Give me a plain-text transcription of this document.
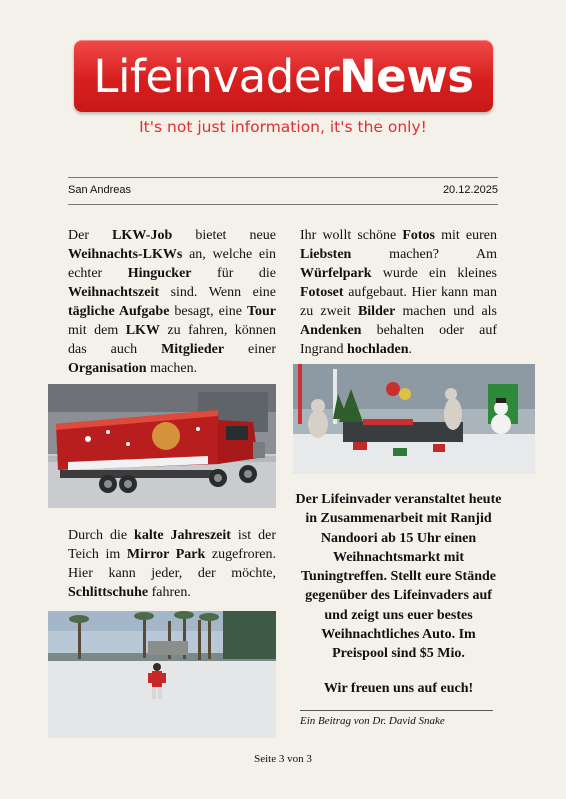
LifeinvaderNews
It's not just information, it's the only!
San Andreas	20.12.2025

Der LKW-Job bietet neue Weihnachts-LKWs an, welche ein echter Hingucker für die Weihnachtszeit sind. Wenn eine tägliche Aufgabe besagt, eine Tour mit dem LKW zu fahren, können das auch Mitglieder einer Organisation machen.

Durch die kalte Jahreszeit ist der Teich im Mirror Park zugefroren. Hier kann jeder, der möchte, Schlittschuhe fahren.

Ihr wollt schöne Fotos mit euren Liebsten machen? Am Würfelpark wurde ein kleines Fotoset aufgebaut. Hier kann man zu zweit Bilder machen und als Andenken behalten oder auf Ingrand hochladen.

Der Lifeinvader veranstaltet heute in Zusammenarbeit mit Ranjid Nandoori ab 15 Uhr einen Weihnachtsmarkt mit Tuningtreffen. Stellt eure Stände gegenüber des Lifeinvaders auf und zeigt uns euer bestes Weihnachtliches Auto. Im Preispool sind $5 Mio.

Wir freuen uns auf euch!

Ein Beitrag von Dr. David Snake
Seite 3 von 3
